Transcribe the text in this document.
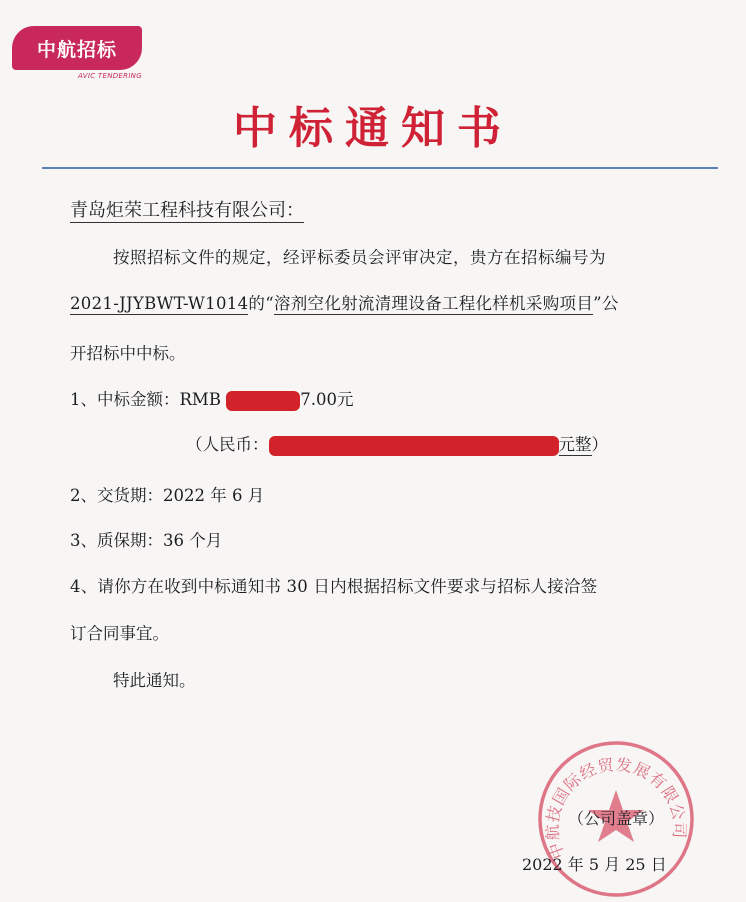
中航招标
AVIC TENDERING
中标通知书
青岛炬荣工程科技有限公司：
按照招标文件的规定，经评标委员会评审决定，贵方在招标编号为
2021-JJYBWT-W1014的“溶剂空化射流清理设备工程化样机采购项目”公
开招标中中标。
1、中标金额：RMB	7.00元
（人民币：	元整）
2、交货期：2022 年 6 月
3、质保期：36 个月
4、请你方在收到中标通知书 30 日内根据招标文件要求与招标人接洽签
订合同事宜。
特此通知。
中航技国际经贸发展有限公司
（公司盖章）
2022 年 5 月 25 日
